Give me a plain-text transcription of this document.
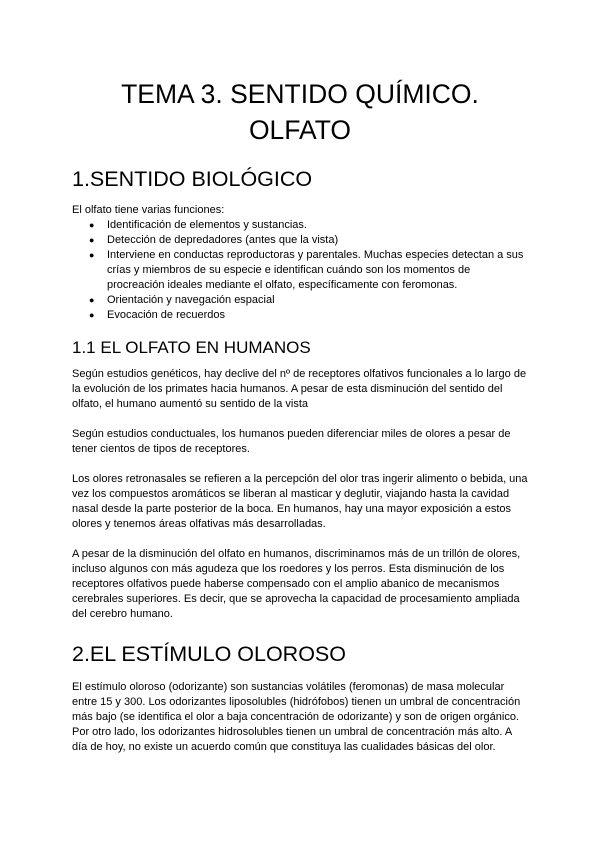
TEMA 3. SENTIDO QUÍMICO.
OLFATO
1.SENTIDO BIOLÓGICO

El olfato tiene varias funciones:

● Identificación de elementos y sustancias.
● Detección de depredadores (antes que la vista)
● Interviene en conductas reproductoras y parentales. Muchas especies detectan a sus crías y miembros de su especie e identifican cuándo son los momentos de procreación ideales mediante el olfato, específicamente con feromonas.
● Orientación y navegación espacial
● Evocación de recuerdos
1.1 EL OLFATO EN HUMANOS

Según estudios genéticos, hay declive del nº de receptores olfativos funcionales a lo largo de la evolución de los primates hacia humanos. A pesar de esta disminución del sentido del olfato, el humano aumentó su sentido de la vista

Según estudios conductuales, los humanos pueden diferenciar miles de olores a pesar de tener cientos de tipos de receptores.

Los olores retronasales se refieren a la percepción del olor tras ingerir alimento o bebida, una vez los compuestos aromáticos se liberan al masticar y deglutir, viajando hasta la cavidad nasal desde la parte posterior de la boca. En humanos, hay una mayor exposición a estos olores y tenemos áreas olfativas más desarrolladas.

A pesar de la disminución del olfato en humanos, discriminamos más de un trillón de olores, incluso algunos con más agudeza que los roedores y los perros. Esta disminución de los receptores olfativos puede haberse compensado con el amplio abanico de mecanismos cerebrales superiores. Es decir, que se aprovecha la capacidad de procesamiento ampliada del cerebro humano.

2.EL ESTÍMULO OLOROSO

El estímulo oloroso (odorizante) son sustancias volátiles (feromonas) de masa molecular entre 15 y 300. Los odorizantes liposolubles (hidrófobos) tienen un umbral de concentración más bajo (se identifica el olor a baja concentración de odorizante) y son de origen orgánico. Por otro lado, los odorizantes hidrosolubles tienen un umbral de concentración más alto. A día de hoy, no existe un acuerdo común que constituya las cualidades básicas del olor.
